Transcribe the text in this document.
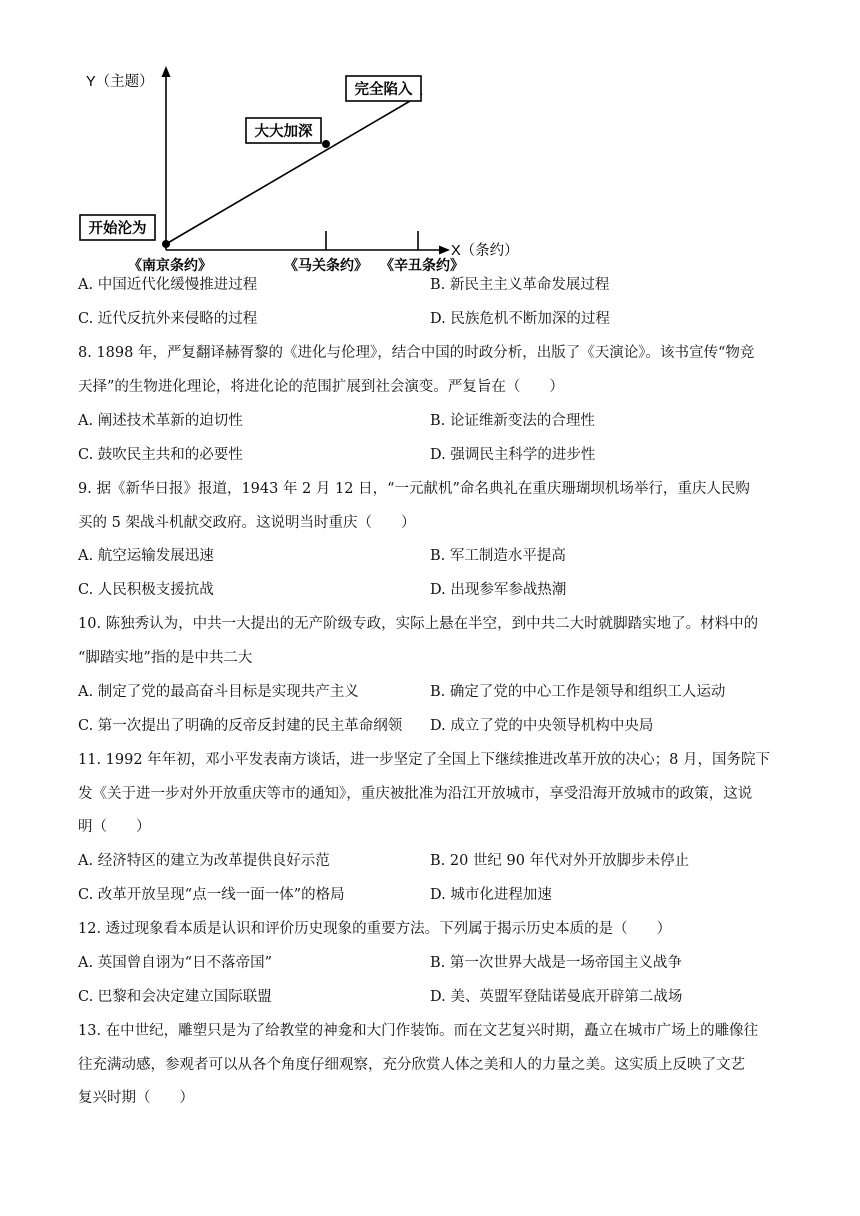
Y（主题）
X（条约）
开始沦为
大大加深
完全陷入
《南京条约》	《马关条约》 《辛丑条约》
A. 中国近代化缓慢推进过程	B. 新民主主义革命发展过程
C. 近代反抗外来侵略的过程	D. 民族危机不断加深的过程
8. 1898 年，严复翻译赫胥黎的《进化与伦理》，结合中国的时政分析，出版了《天演论》。该书宣传“物竞
天择”的生物进化理论，将进化论的范围扩展到社会演变。严复旨在（　　）
A. 阐述技术革新的迫切性	B. 论证维新变法的合理性
C. 鼓吹民主共和的必要性	D. 强调民主科学的进步性
9. 据《新华日报》报道，1943 年 2 月 12 日，“一元献机”命名典礼在重庆珊瑚坝机场举行，重庆人民购
买的 5 架战斗机献交政府。这说明当时重庆（　　）
A. 航空运输发展迅速	B. 军工制造水平提高
C. 人民积极支援抗战	D. 出现参军参战热潮
10. 陈独秀认为，中共一大提出的无产阶级专政，实际上悬在半空，到中共二大时就脚踏实地了。材料中的
“脚踏实地”指的是中共二大
A. 制定了党的最高奋斗目标是实现共产主义	B. 确定了党的中心工作是领导和组织工人运动
C. 第一次提出了明确的反帝反封建的民主革命纲领 D. 成立了党的中央领导机构中央局
11. 1992 年年初，邓小平发表南方谈话，进一步坚定了全国上下继续推进改革开放的决心；8 月，国务院下
发《关于进一步对外开放重庆等市的通知》，重庆被批准为沿江开放城市，享受沿海开放城市的政策，这说
明（　　）
A. 经济特区的建立为改革提供良好示范	B. 20 世纪 90 年代对外开放脚步未停止
C. 改革开放呈现“点一线一面一体”的格局	D. 城市化进程加速
12. 透过现象看本质是认识和评价历史现象的重要方法。下列属于揭示历史本质的是（　　）
A. 英国曾自诩为“日不落帝国”	B. 第一次世界大战是一场帝国主义战争
C. 巴黎和会决定建立国际联盟	D. 美、英盟军登陆诺曼底开辟第二战场
13. 在中世纪，雕塑只是为了给教堂的神龛和大门作装饰。而在文艺复兴时期，矗立在城市广场上的雕像往
往充满动感，参观者可以从各个角度仔细观察，充分欣赏人体之美和人的力量之美。这实质上反映了文艺
复兴时期（　　）
